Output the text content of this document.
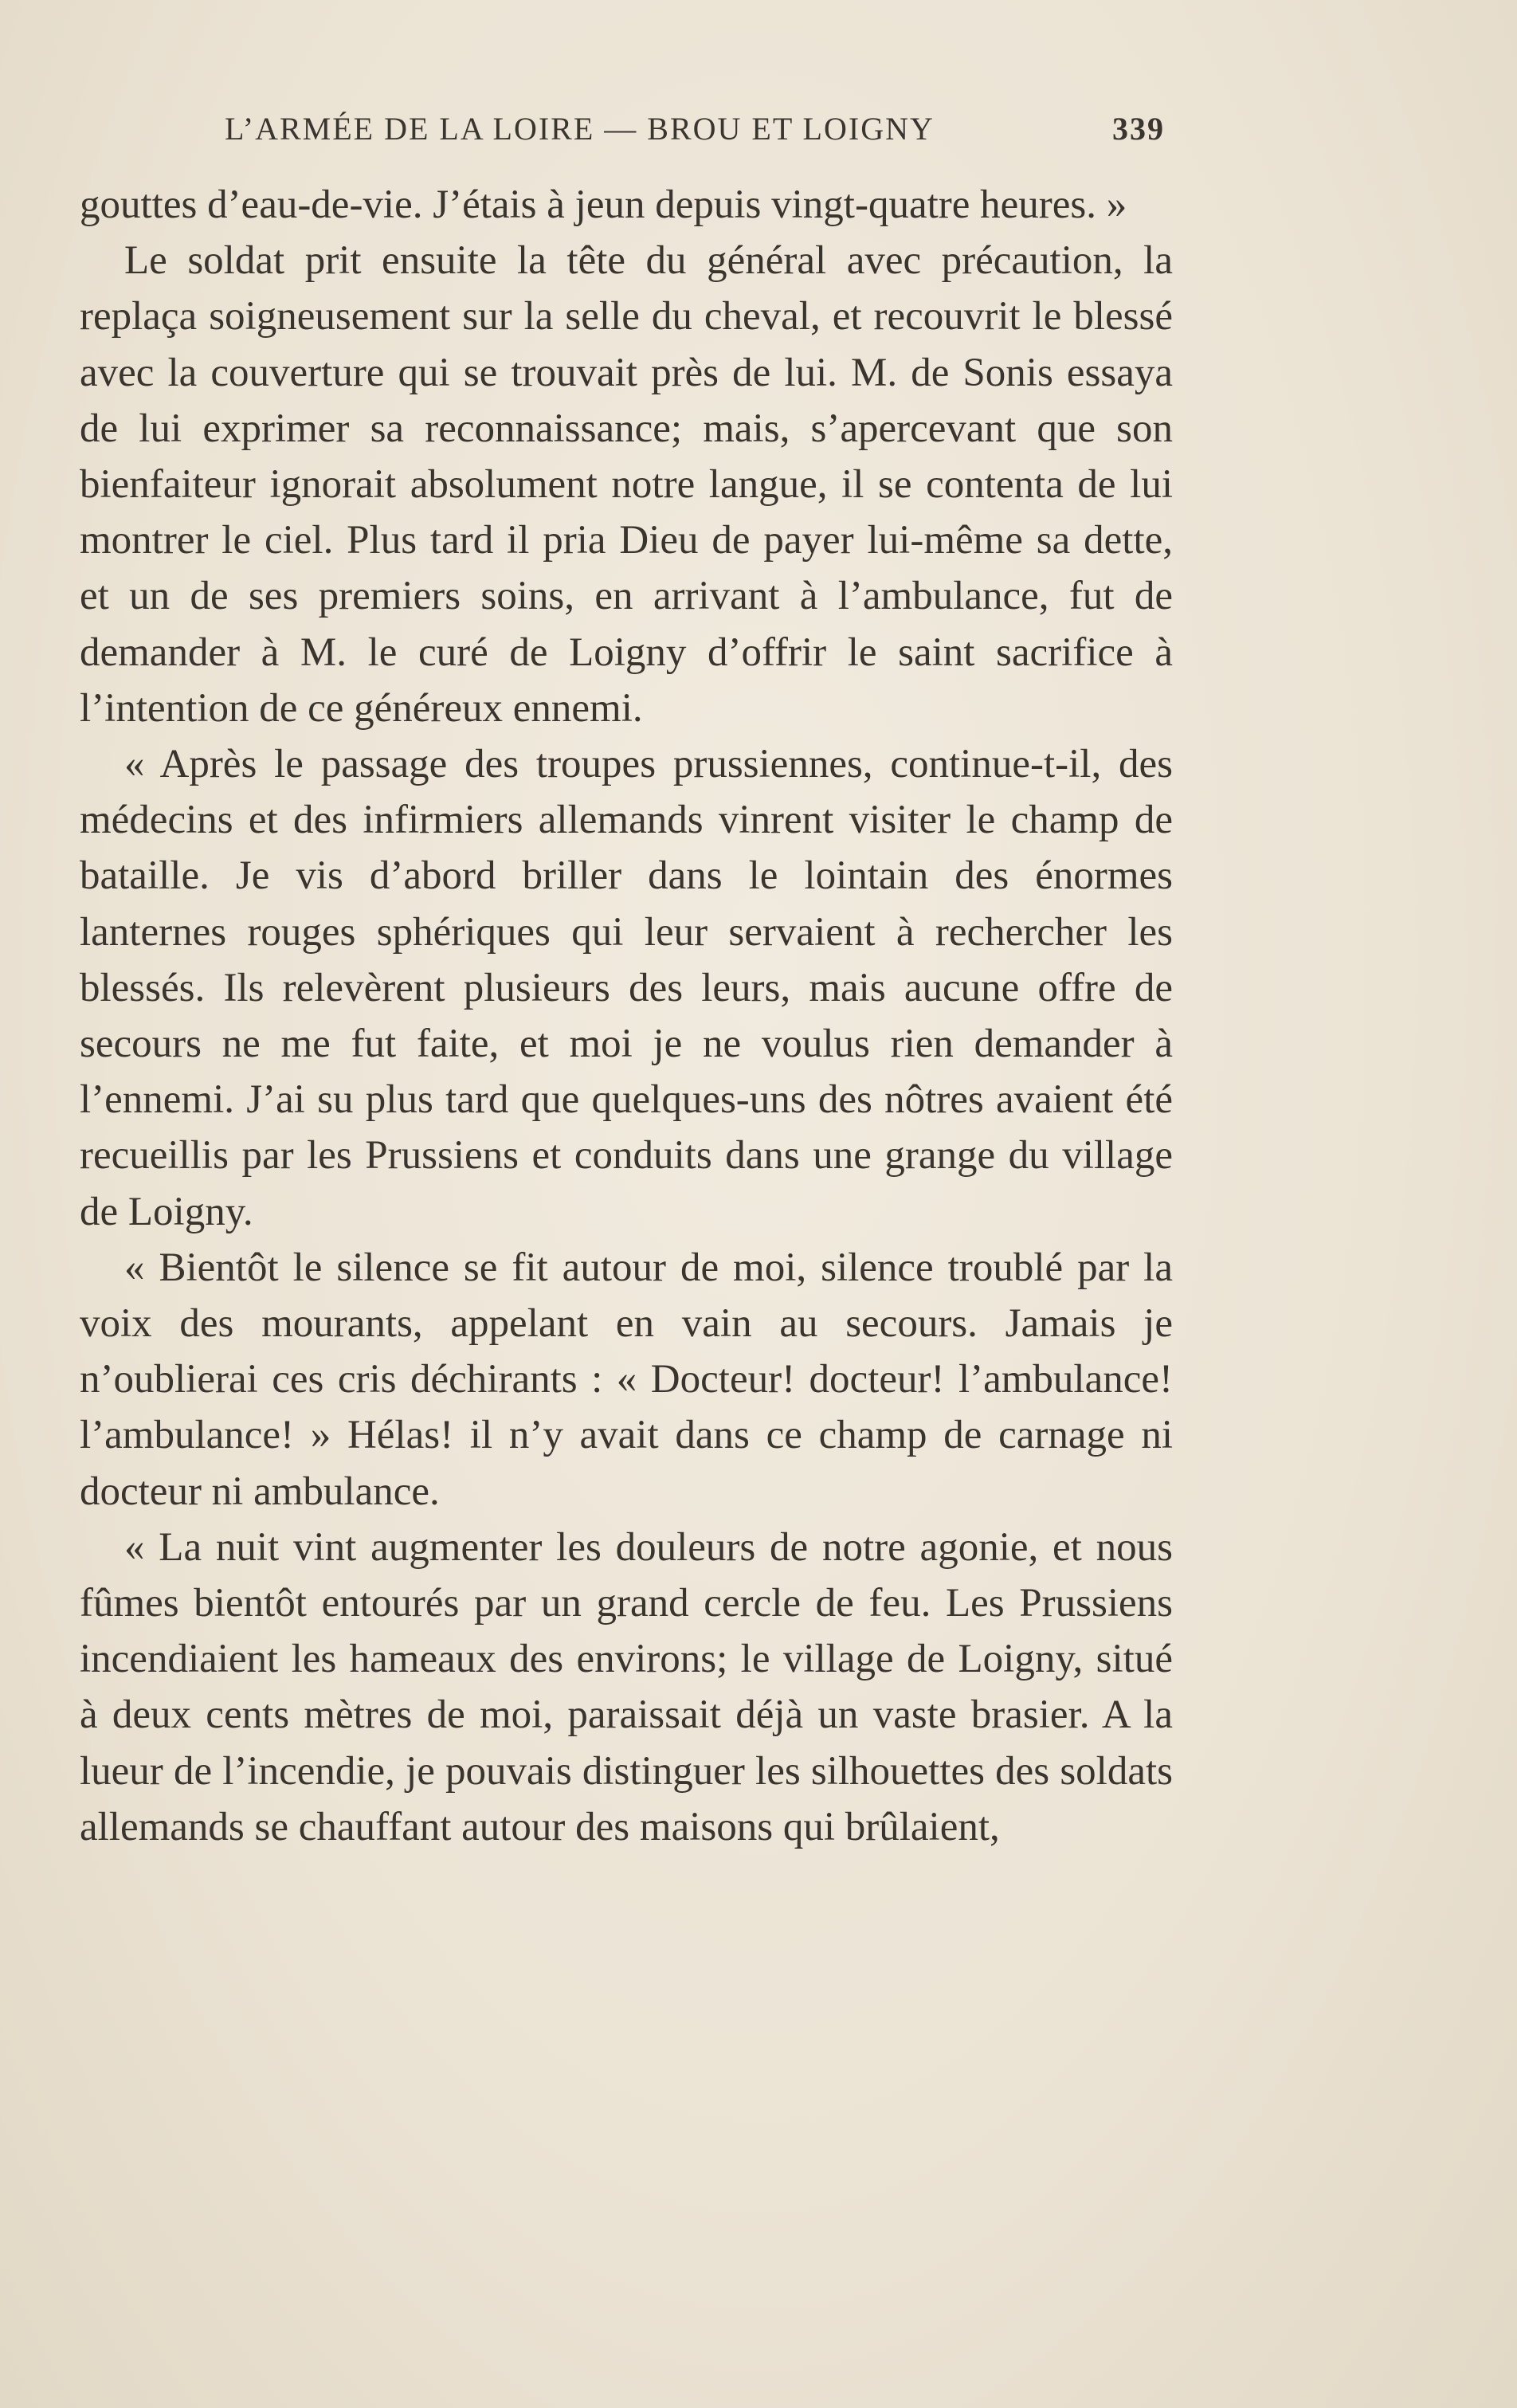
L’ARMÉE DE LA LOIRE — BROU ET LOIGNY	339

gouttes d’eau-de-vie. J’étais à jeun depuis vingt-quatre heures. »

Le soldat prit ensuite la tête du général avec précaution, la replaça soigneusement sur la selle du cheval, et recouvrit le blessé avec la couverture qui se trouvait près de lui. M. de Sonis essaya de lui exprimer sa reconnaissance; mais, s’apercevant que son bienfaiteur ignorait absolument notre langue, il se contenta de lui montrer le ciel. Plus tard il pria Dieu de payer lui-même sa dette, et un de ses premiers soins, en arrivant à l’ambulance, fut de demander à M. le curé de Loigny d’offrir le saint sacrifice à l’intention de ce généreux ennemi.

« Après le passage des troupes prussiennes, continue-t-il, des médecins et des infirmiers allemands vinrent visiter le champ de bataille. Je vis d’abord briller dans le lointain des énormes lanternes rouges sphériques qui leur servaient à rechercher les blessés. Ils relevèrent plusieurs des leurs, mais aucune offre de secours ne me fut faite, et moi je ne voulus rien demander à l’ennemi. J’ai su plus tard que quelques-uns des nôtres avaient été recueillis par les Prussiens et conduits dans une grange du village de Loigny.

« Bientôt le silence se fit autour de moi, silence troublé par la voix des mourants, appelant en vain au secours. Jamais je n’oublierai ces cris déchirants : « Docteur! docteur! l’ambulance! l’ambulance! » Hélas! il n’y avait dans ce champ de carnage ni docteur ni ambulance.

« La nuit vint augmenter les douleurs de notre agonie, et nous fûmes bientôt entourés par un grand cercle de feu. Les Prussiens incendiaient les hameaux des environs; le village de Loigny, situé à deux cents mètres de moi, paraissait déjà un vaste brasier. A la lueur de l’incendie, je pouvais distinguer les silhouettes des soldats allemands se chauffant autour des maisons qui brûlaient,
